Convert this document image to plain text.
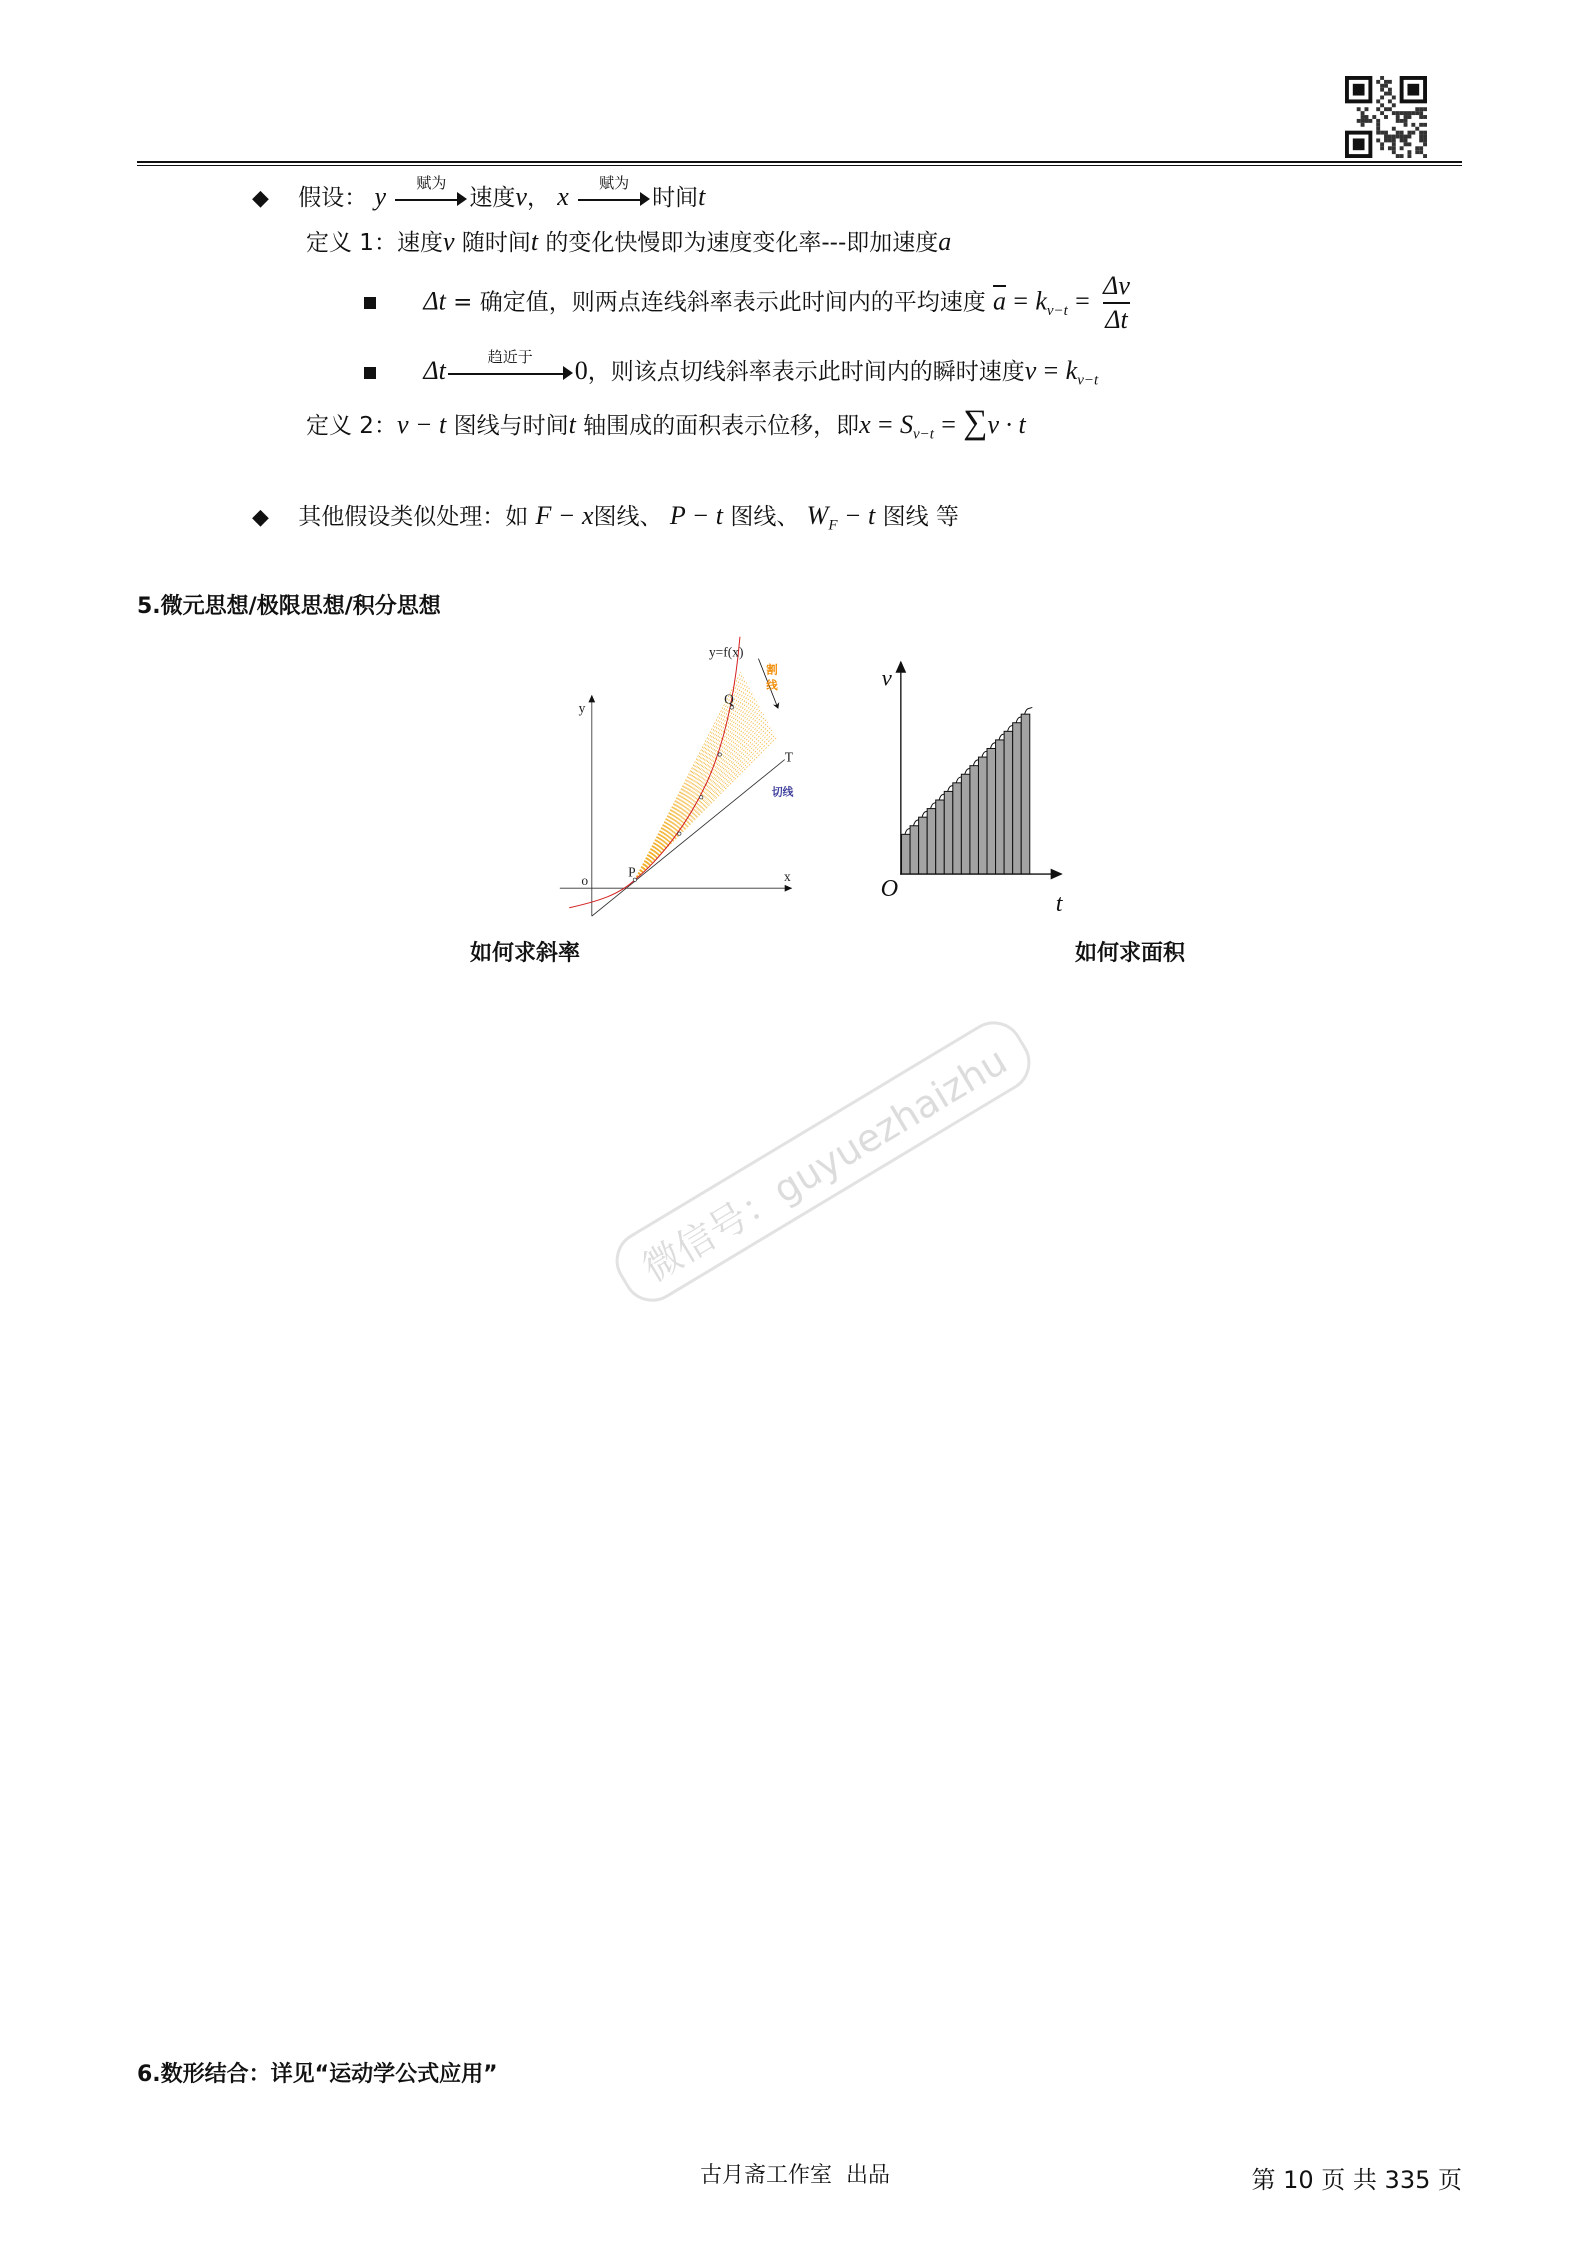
◆ 假设： y	赋为
速度v， x	赋为
时间t
定义 1：速度v 随时间t 的变化快慢即为速度变化率---即加速度a
Δt = 确定值，则两点连线斜率表示此时间内的平均速度 $\overline{a} = k_{v-t} = \frac{\Delta v}{\Delta t}$
Δt	趋近于	0，则该点切线斜率表示此时间内的瞬时速度$v = k_{v-t}$
定义 2：v − t 图线与时间t 轴围成的面积表示位移，即$x = S_{v-t} = \sum v \cdot t$
◆ 其他假设类似处理：如 F − x图线、 P − t 图线、 $W_F - t$ 图线 等
5.微元思想/极限思想/积分思想
y=f(x)
y
x
o
P
Q
T
割线
切线
v
O
t
如何求斜率	如何求面积
微信号：guyuezhaizhu
6.数形结合：详见“运动学公式应用”
古月斋工作室  出品	第 10 页 共 335 页
